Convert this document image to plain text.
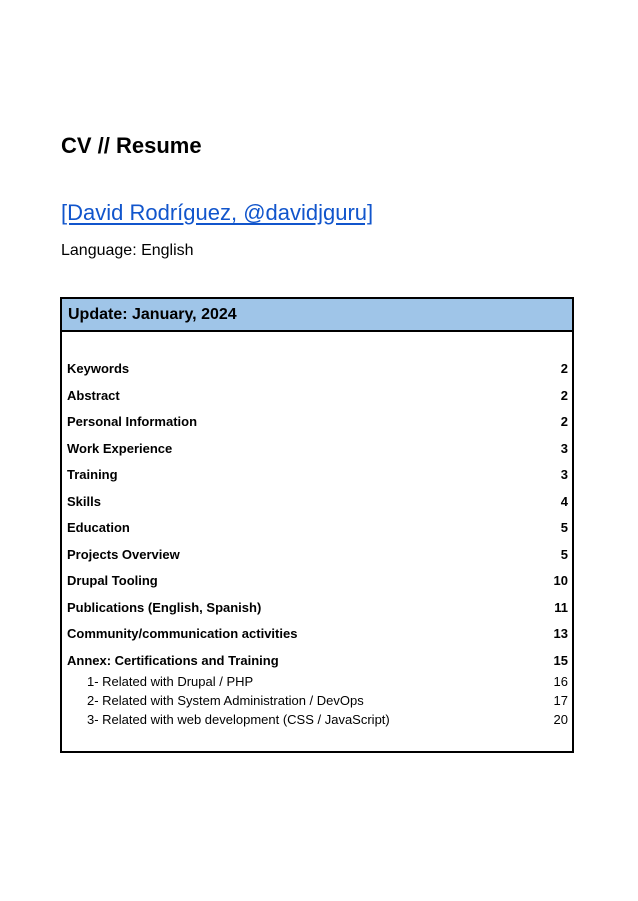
CV // Resume
[David Rodríguez, @davidjguru]
Language: English
Update: January, 2024
Keywords	2
Abstract	2
Personal Information	2
Work Experience	3
Training	3
Skills	4
Education	5
Projects Overview	5
Drupal Tooling	10
Publications (English, Spanish)	11
Community/communication activities	13
Annex: Certifications and Training	15
1- Related with Drupal / PHP	16
2- Related with System Administration / DevOps	17
3- Related with web development (CSS / JavaScript)	20
